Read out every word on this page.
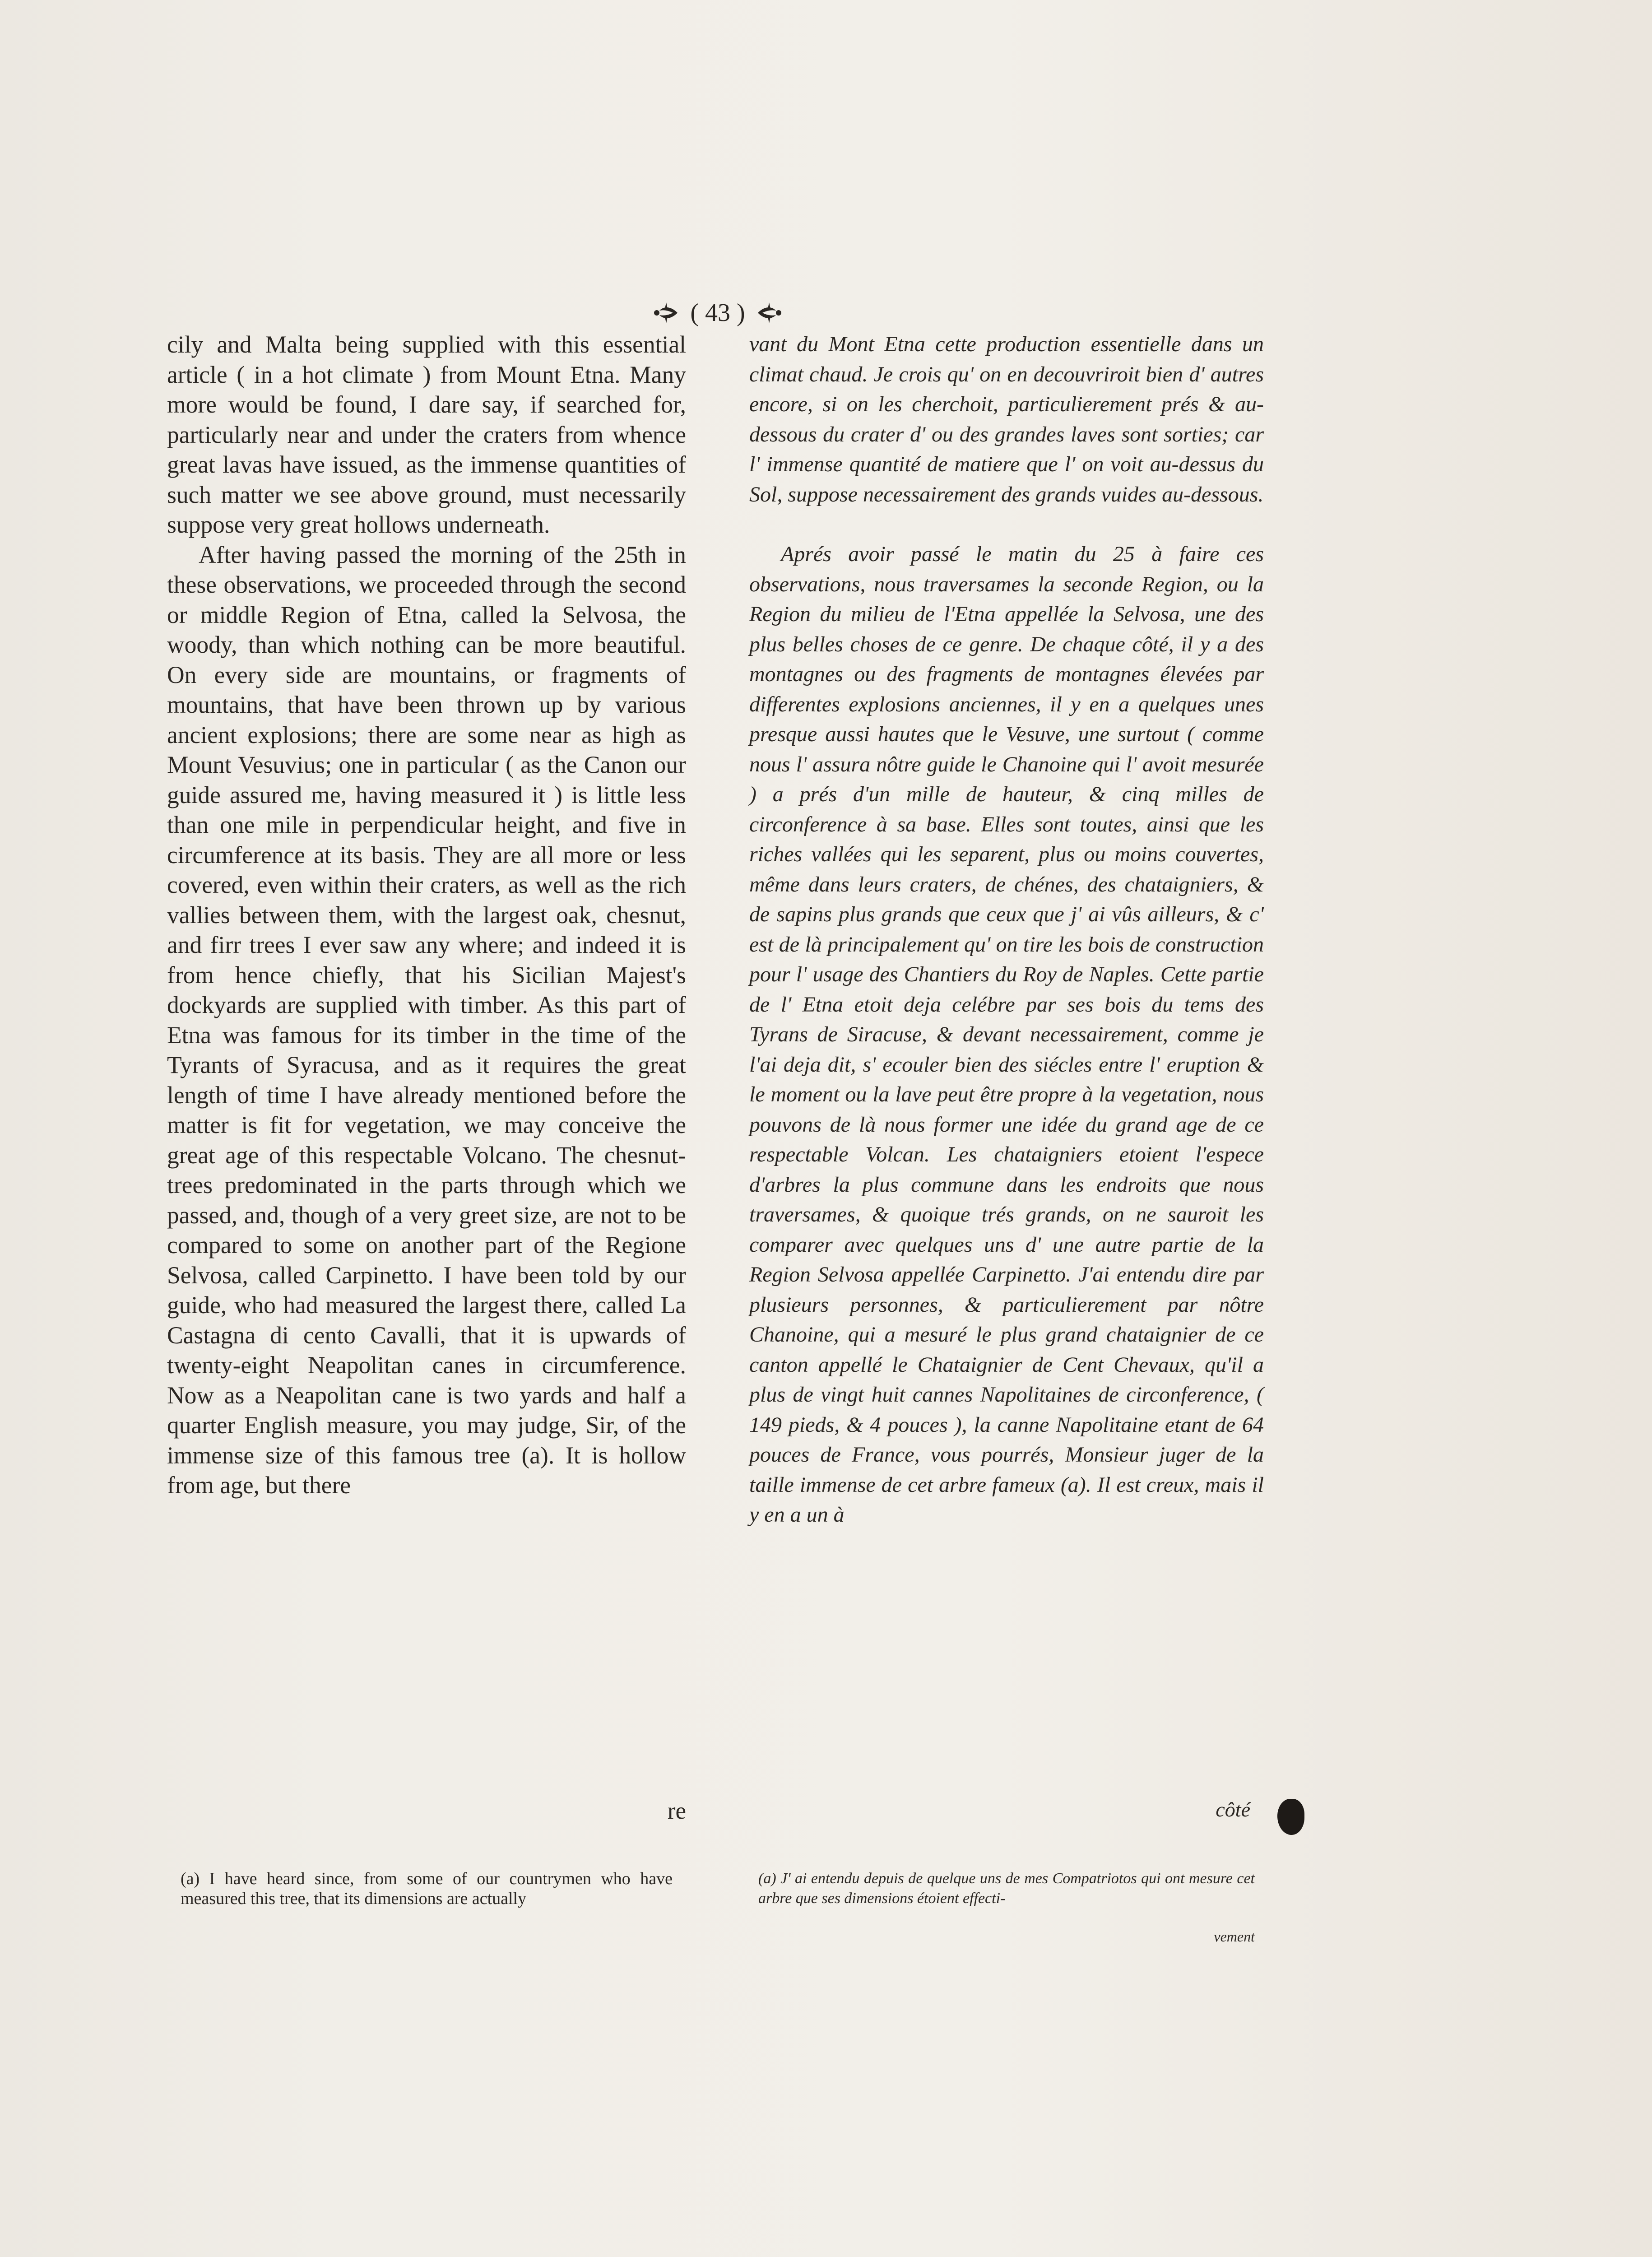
( 43 )

cily and Malta being supplied with this essential article ( in a hot climate ) from Mount Etna. Many more would be found, I dare say, if searched for, particularly near and under the craters from whence great lavas have issued, as the immense quantities of such matter we see above ground, must necessarily suppose very great hollows underneath.

After having passed the morning of the 25th in these observations, we proceeded through the second or middle Region of Etna, called la Selvosa, the woody, than which nothing can be more beautiful. On every side are mountains, or fragments of mountains, that have been thrown up by various ancient explosions; there are some near as high as Mount Vesuvius; one in particular ( as the Canon our guide assured me, having measured it ) is little less than one mile in perpendicular height, and five in circumference at its basis. They are all more or less covered, even within their craters, as well as the rich vallies between them, with the largest oak, chesnut, and firr trees I ever saw any where; and indeed it is from hence chiefly, that his Sicilian Majest's dockyards are supplied with timber. As this part of Etna was famous for its timber in the time of the Tyrants of Syracusa, and as it requires the great length of time I have already mentioned before the matter is fit for vegetation, we may conceive the great age of this respectable Volcano. The chesnut-trees predominated in the parts through which we passed, and, though of a very greet size, are not to be compared to some on another part of the Regione Selvosa, called Carpinetto. I have been told by our guide, who had measured the largest there, called La Castagna di cento Cavalli, that it is upwards of twenty-eight Neapolitan canes in circumference. Now as a Neapolitan cane is two yards and half a quarter English measure, you may judge, Sir, of the immense size of this famous tree (a). It is hollow from age, but there

vant du Mont Etna cette production essentielle dans un climat chaud. Je crois qu' on en decouvriroit bien d' autres encore, si on les cherchoit, particulierement prés & au-dessous du crater d' ou des grandes laves sont sorties; car l' immense quantité de matiere que l' on voit au-dessus du Sol, suppose necessairement des grands vuides au-dessous.

Aprés avoir passé le matin du 25 à faire ces observations, nous traversames la seconde Region, ou la Region du milieu de l'Etna appellée la Selvosa, une des plus belles choses de ce genre. De chaque côté, il y a des montagnes ou des fragments de montagnes élevées par differentes explosions anciennes, il y en a quelques unes presque aussi hautes que le Vesuve, une surtout ( comme nous l' assura nôtre guide le Chanoine qui l' avoit mesurée ) a prés d'un mille de hauteur, & cinq milles de circonference à sa base. Elles sont toutes, ainsi que les riches vallées qui les separent, plus ou moins couvertes, même dans leurs craters, de chénes, des chataigniers, & de sapins plus grands que ceux que j' ai vûs ailleurs, & c' est de là principalement qu' on tire les bois de construction pour l' usage des Chantiers du Roy de Naples. Cette partie de l' Etna etoit deja celébre par ses bois du tems des Tyrans de Siracuse, & devant necessairement, comme je l'ai deja dit, s' ecouler bien des siécles entre l' eruption & le moment ou la lave peut être propre à la vegetation, nous pouvons de là nous former une idée du grand age de ce respectable Volcan. Les chataigniers etoient l'espece d'arbres la plus commune dans les endroits que nous traversames, & quoique trés grands, on ne sauroit les comparer avec quelques uns d' une autre partie de la Region Selvosa appellée Carpinetto. J'ai entendu dire par plusieurs personnes, & particulierement par nôtre Chanoine, qui a mesuré le plus grand chataignier de ce canton appellé le Chataignier de Cent Chevaux, qu'il a plus de vingt huit cannes Napolitaines de circonference, ( 149 pieds, & 4 pouces ), la canne Napolitaine etant de 64 pouces de France, vous pourrés, Monsieur juger de la taille immense de cet arbre fameux (a). Il est creux, mais il y en a un à

re	côté
(a) I have heard since, from some of our countrymen who have measured this tree, that its dimensions are actually
(a) J' ai entendu depuis de quelque uns de mes Compatriotos qui ont mesure cet arbre que ses dimensions étoient effecti-
vement
